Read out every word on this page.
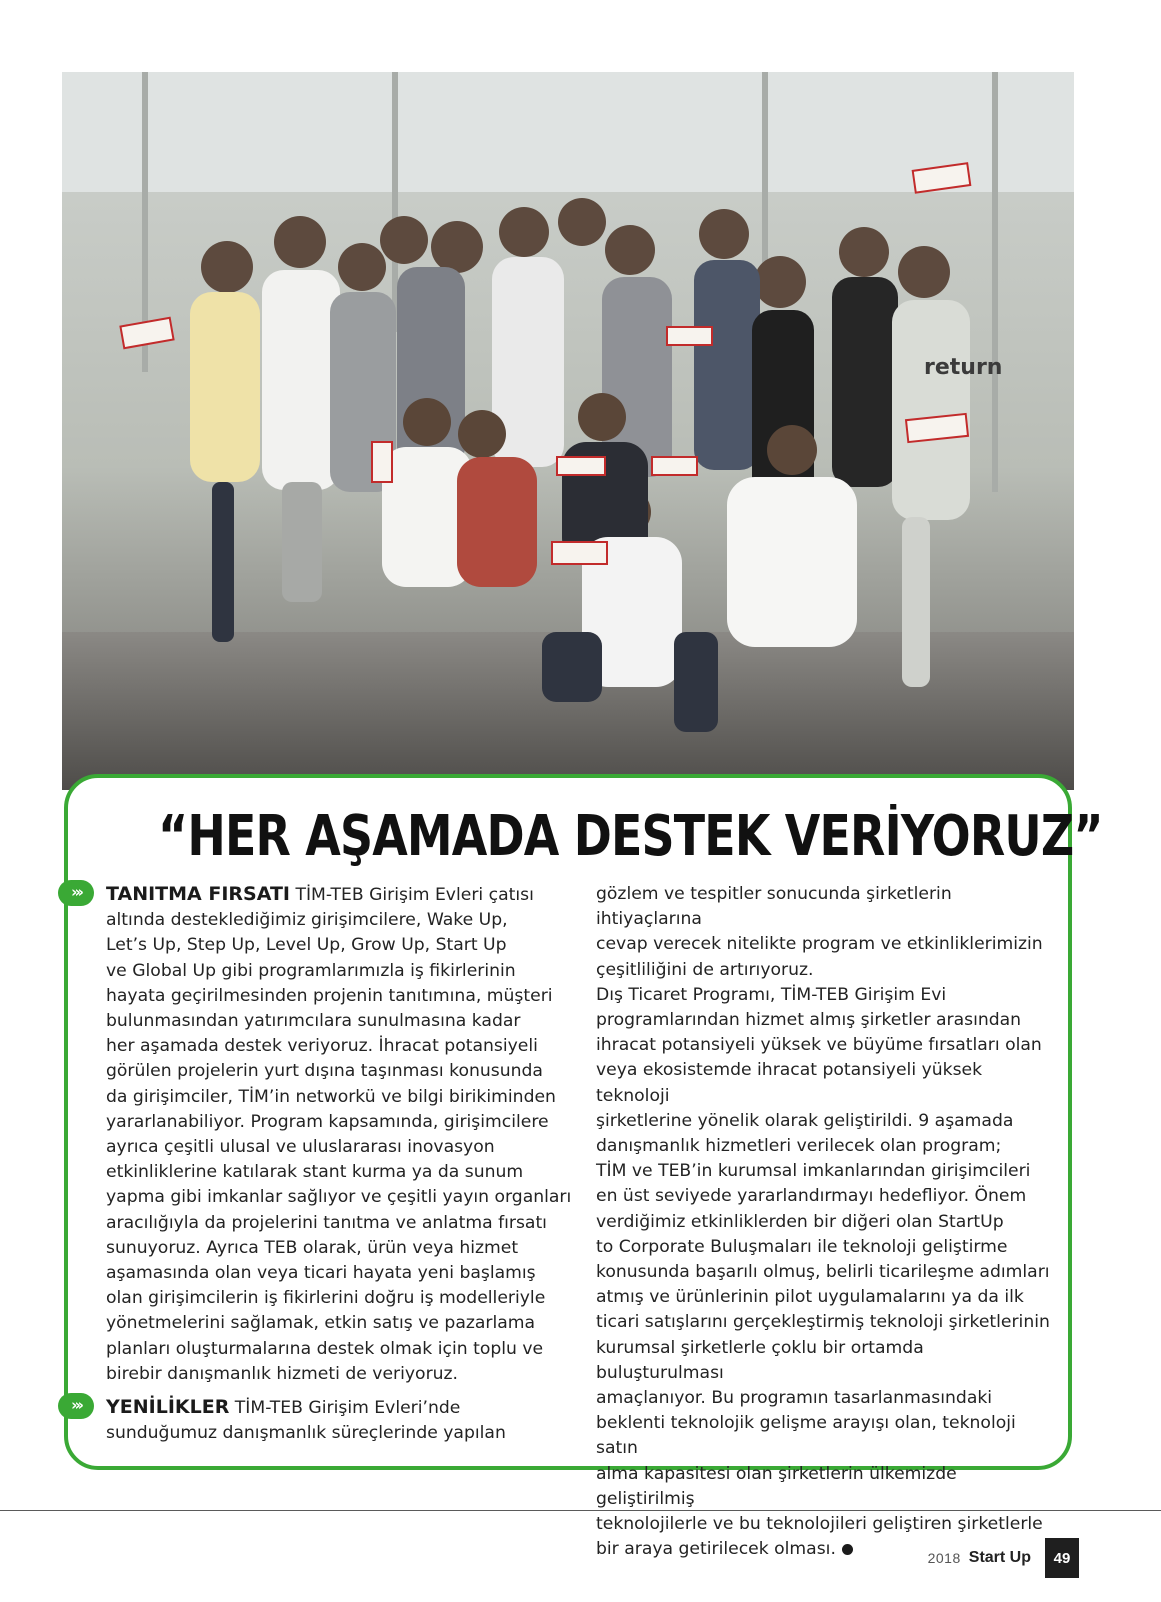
return
“HER AŞAMADA DESTEK VERİYORUZ”
»›	TANITMA FIRSATI TİM-TEB Girişim Evleri çatısı
altında desteklediğimiz girişimcilere, Wake Up,
Let’s Up, Step Up, Level Up, Grow Up, Start Up
ve Global Up gibi programlarımızla iş fikirlerinin
hayata geçirilmesinden projenin tanıtımına, müşteri
bulunmasından yatırımcılara sunulmasına kadar
her aşamada destek veriyoruz. İhracat potansiyeli
görülen projelerin yurt dışına taşınması konusunda
da girişimciler, TİM’in networkü ve bilgi birikiminden
yararlanabiliyor. Program kapsamında, girişimcilere
ayrıca çeşitli ulusal ve uluslararası inovasyon
etkinliklerine katılarak stant kurma ya da sunum
yapma gibi imkanlar sağlıyor ve çeşitli yayın organları
aracılığıyla da projelerini tanıtma ve anlatma fırsatı
sunuyoruz. Ayrıca TEB olarak, ürün veya hizmet
aşamasında olan veya ticari hayata yeni başlamış
olan girişimcilerin iş fikirlerini doğru iş modelleriyle
yönetmelerini sağlamak, etkin satış ve pazarlama
planları oluşturmalarına destek olmak için toplu ve
birebir danışmanlık hizmeti de veriyoruz.

»›	YENİLİKLER TİM-TEB Girişim Evleri’nde
sunduğumuz danışmanlık süreçlerinde yapılan

gözlem ve tespitler sonucunda şirketlerin ihtiyaçlarına
cevap verecek nitelikte program ve etkinliklerimizin
çeşitliliğini de artırıyoruz.
Dış Ticaret Programı, TİM-TEB Girişim Evi
programlarından hizmet almış şirketler arasından
ihracat potansiyeli yüksek ve büyüme fırsatları olan
veya ekosistemde ihracat potansiyeli yüksek teknoloji
şirketlerine yönelik olarak geliştirildi. 9 aşamada
danışmanlık hizmetleri verilecek olan program;
TİM ve TEB’in kurumsal imkanlarından girişimcileri
en üst seviyede yararlandırmayı hedefliyor. Önem
verdiğimiz etkinliklerden bir diğeri olan StartUp
to Corporate Buluşmaları ile teknoloji geliştirme
konusunda başarılı olmuş, belirli ticarileşme adımları
atmış ve ürünlerinin pilot uygulamalarını ya da ilk
ticari satışlarını gerçekleştirmiş teknoloji şirketlerinin
kurumsal şirketlerle çoklu bir ortamda buluşturulması
amaçlanıyor. Bu programın tasarlanmasındaki
beklenti teknolojik gelişme arayışı olan, teknoloji satın
alma kapasitesi olan şirketlerin ülkemizde geliştirilmiş
teknolojilerle ve bu teknolojileri geliştiren şirketlerle
bir araya getirilecek olması.	2018 Start Up	49
